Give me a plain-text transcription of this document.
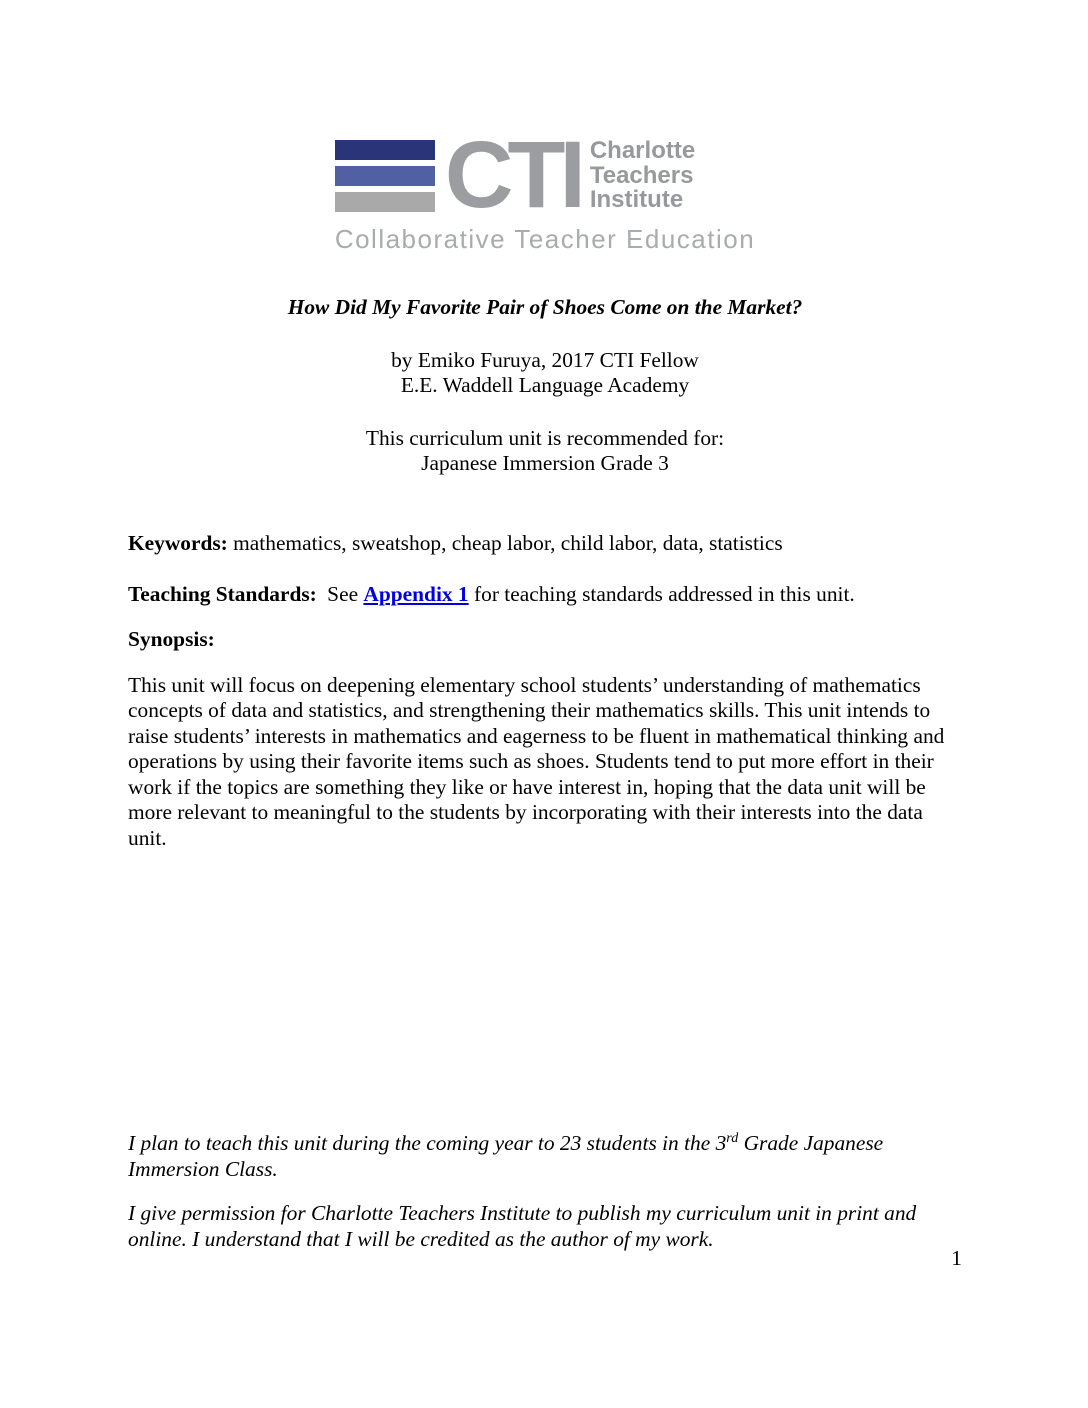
CTI Charlotte
Teachers
Institute
Collaborative Teacher Education
How Did My Favorite Pair of Shoes Come on the Market?
by Emiko Furuya, 2017 CTI Fellow
E.E. Waddell Language Academy
This curriculum unit is recommended for:
Japanese Immersion Grade 3
Keywords: mathematics, sweatshop, cheap labor, child labor, data, statistics
Teaching Standards: See Appendix 1 for teaching standards addressed in this unit.
Synopsis:
This unit will focus on deepening elementary school students’ understanding of mathematics concepts of data and statistics, and strengthening their mathematics skills. This unit intends to raise students’ interests in mathematics and eagerness to be fluent in mathematical thinking and operations by using their favorite items such as shoes. Students tend to put more effort in their work if the topics are something they like or have interest in, hoping that the data unit will be more relevant to meaningful to the students by incorporating with their interests into the data unit.
I plan to teach this unit during the coming year to 23 students in the 3rd Grade Japanese Immersion Class.
I give permission for Charlotte Teachers Institute to publish my curriculum unit in print and online. I understand that I will be credited as the author of my work.
1
